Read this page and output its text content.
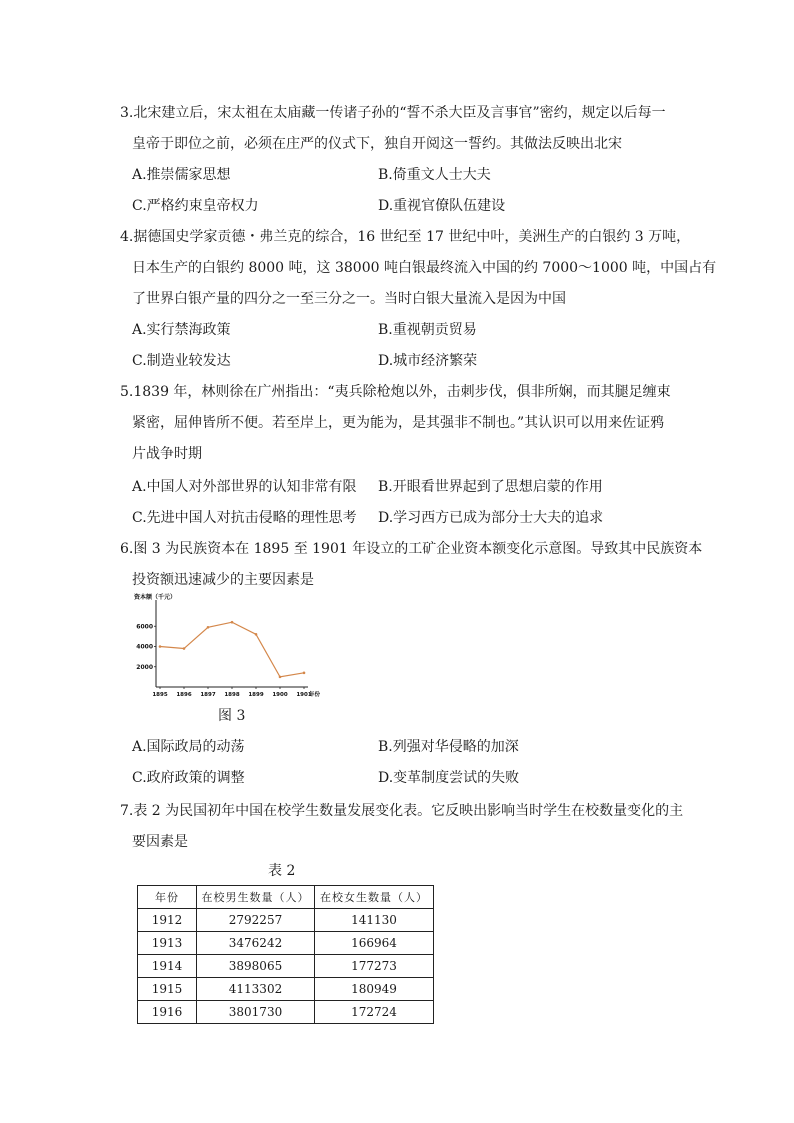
3.北宋建立后，宋太祖在太庙藏一传诸子孙的“誓不杀大臣及言事官”密约，规定以后每一
皇帝于即位之前，必须在庄严的仪式下，独自开阅这一誓约。其做法反映出北宋
A.推崇儒家思想	B.倚重文人士大夫
C.严格约束皇帝权力	D.重视官僚队伍建设
4.据德国史学家贡德・弗兰克的综合，16 世纪至 17 世纪中叶，美洲生产的白银约 3 万吨，
日本生产的白银约 8000 吨，这 38000 吨白银最终流入中国的约 7000～1000 吨，中国占有
了世界白银产量的四分之一至三分之一。当时白银大量流入是因为中国
A.实行禁海政策	B.重视朝贡贸易
C.制造业较发达	D.城市经济繁荣
5.1839 年，林则徐在广州指出：“夷兵除枪炮以外，击刺步伐，俱非所娴，而其腿足缠束
紧密，屈伸皆所不便。若至岸上，更为能为，是其强非不制也。”其认识可以用来佐证鸦
片战争时期
A.中国人对外部世界的认知非常有限 B.开眼看世界起到了思想启蒙的作用
C.先进中国人对抗击侵略的理性思考 D.学习西方已成为部分士大夫的追求
6.图 3 为民族资本在 1895 至 1901 年设立的工矿企业资本额变化示意图。导致其中民族资本
投资额迅速减少的主要因素是
资本额（千元）
2000
4000
6000
1895 1896 1897 1898 1899 1900 1901
年份
图 3
A.国际政局的动荡	B.列强对华侵略的加深
C.政府政策的调整	D.变革制度尝试的失败
7.表 2 为民国初年中国在校学生数量发展变化表。它反映出影响当时学生在校数量变化的主
要因素是
表 2
年份	在校男生数量（人）	在校女生数量（人）
1912	2792257	141130
1913	3476242	166964
1914	3898065	177273
1915	4113302	180949
1916	3801730	172724
